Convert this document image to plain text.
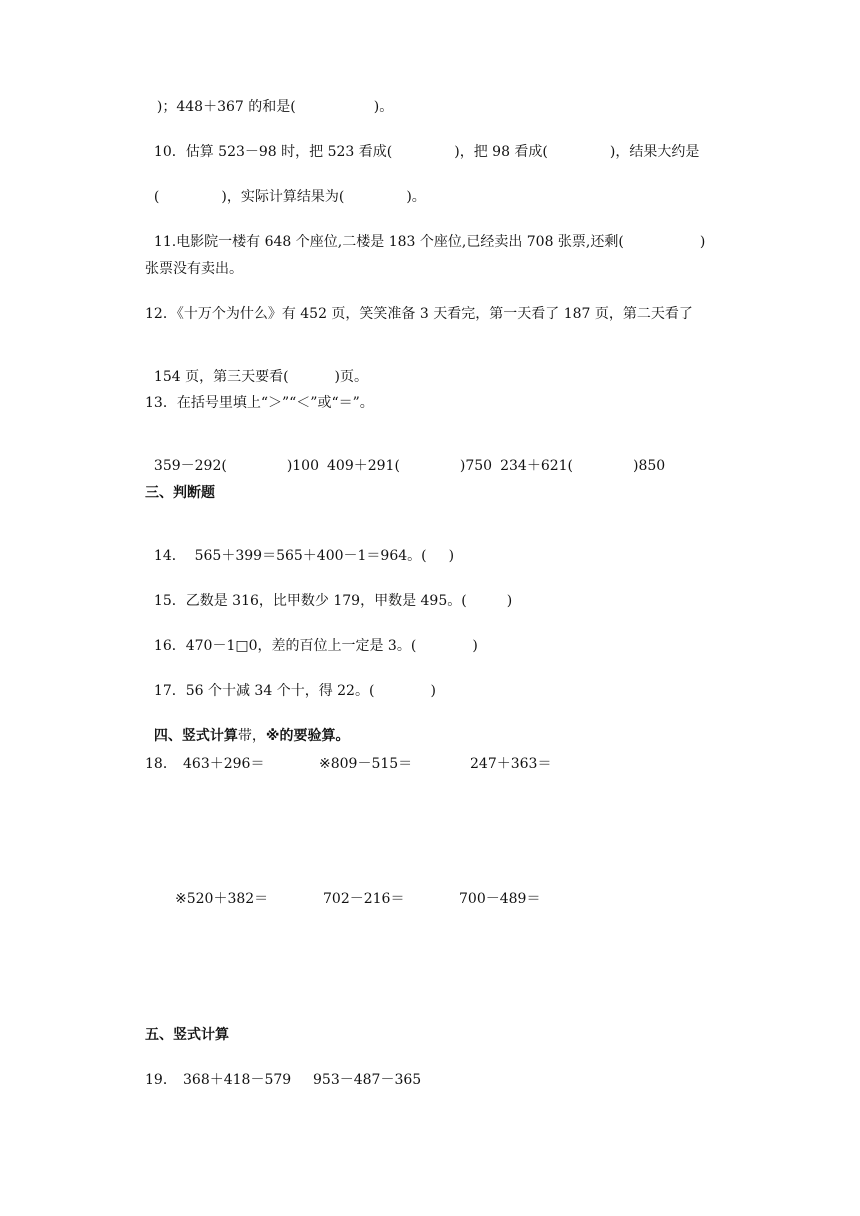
)；448＋367 的和是(	)。

10．估算 523－98 时，把 523 看成(	)，把 98 看成(	)，结果大约是

(	)，实际计算结果为(	)。

11.电影院一楼有 648 个座位,二楼是 183 个座位,已经卖出 708 张票,还剩(	)

张票没有卖出。
12．《十万个为什么》有 452 页，笑笑准备 3 天看完，第一天看了 187 页，第二天看了

154 页，第三天要看(	)页。

13．在括号里填上“＞”“＜”或“＝”。

359－292(	)100 409＋291(	)750 234＋621(	)850

三、判断题

14．  565＋399＝565＋400－1＝964。( )

15．乙数是 316，比甲数少 179，甲数是 495。(	)

16．470－1□0，差的百位上一定是 3。(	)

17．56 个十减 34 个十，得 22。(	)

四、竖式计算带，※的要验算。

18． 463＋296＝	※809－515＝	247＋363＝
※520＋382＝	702－216＝	700－489＝
五、竖式计算
19． 368＋418－579 953－487－365
